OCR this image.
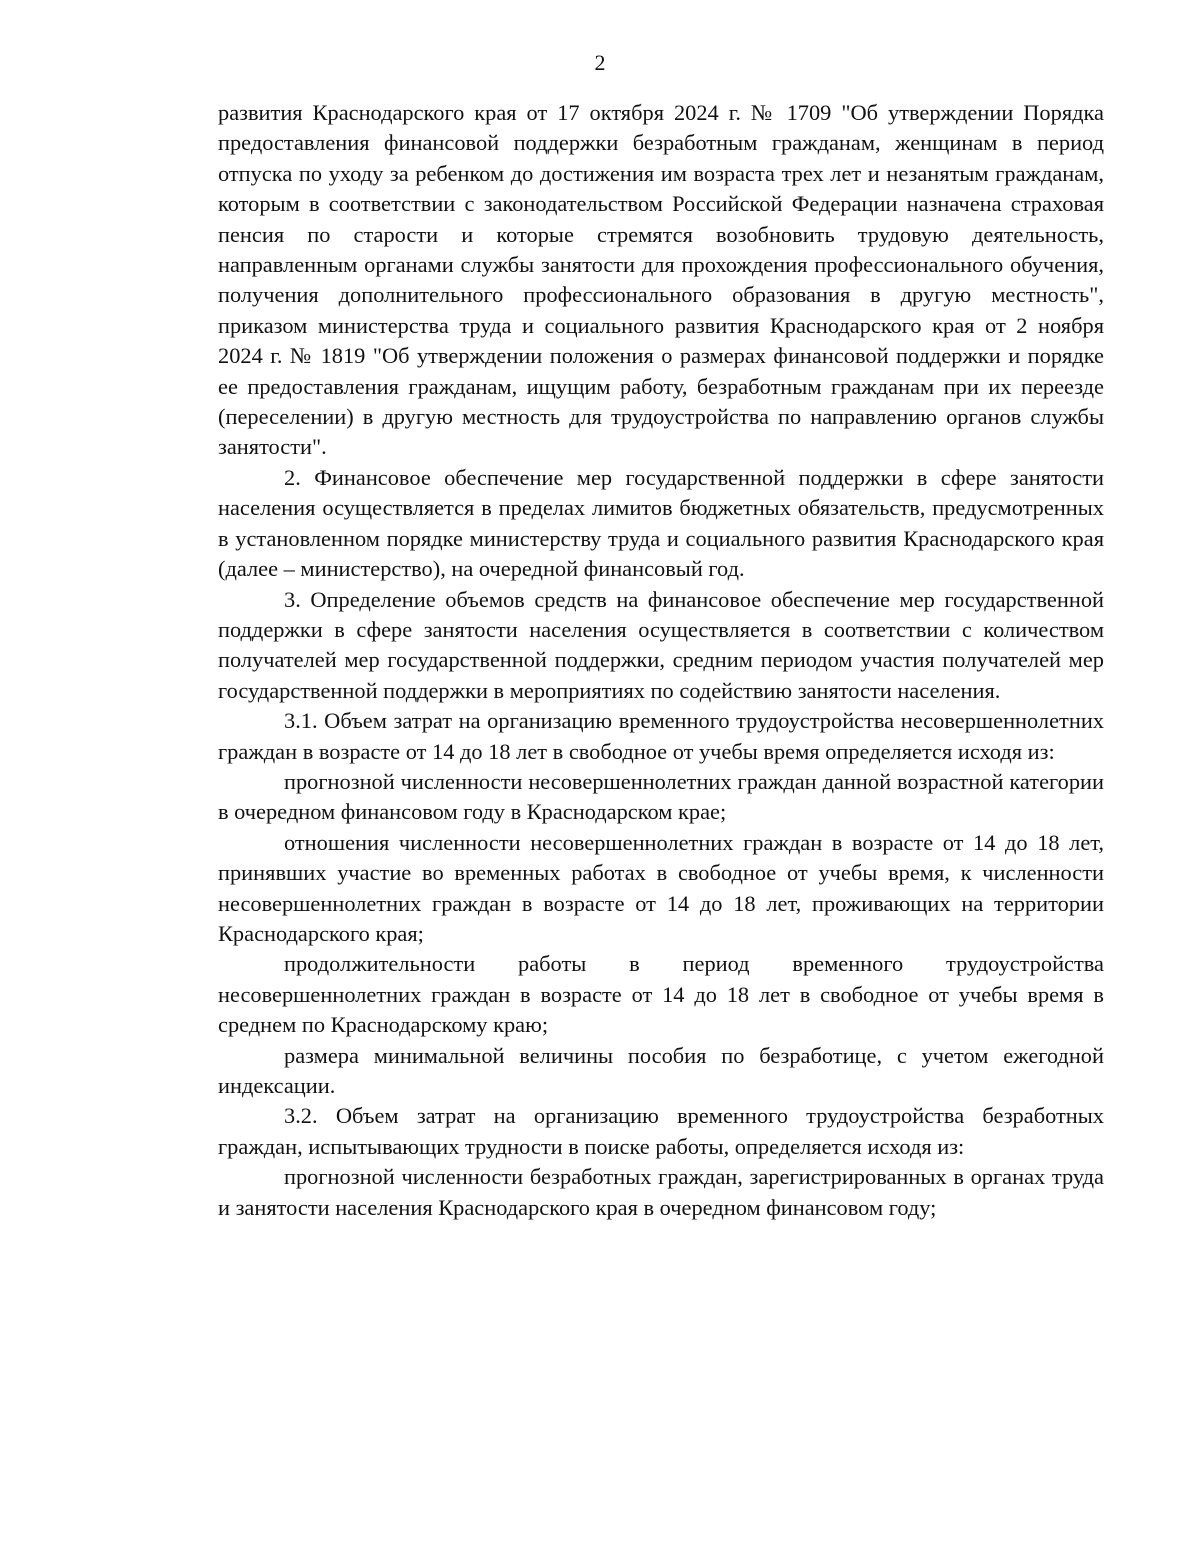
2

развития Краснодарского края от 17 октября 2024 г. № 1709 "Об утверждении Порядка предоставления финансовой поддержки безработным гражданам, женщинам в период отпуска по уходу за ребенком до достижения им возраста трех лет и незанятым гражданам, которым в соответствии с законодательством Российской Федерации назначена страховая пенсия по старости и которые стремятся возобновить трудовую деятельность, направленным органами службы занятости для прохождения профессионального обучения, получения дополнительного профессионального образования в другую местность", приказом министерства труда и социального развития Краснодарского края от 2 ноября 2024 г. № 1819 "Об утверждении положения о размерах финансовой поддержки и порядке ее предоставления гражданам, ищущим работу, безработным гражданам при их переезде (переселении) в другую местность для трудоустройства по направлению органов службы занятости".

2. Финансовое обеспечение мер государственной поддержки в сфере занятости населения осуществляется в пределах лимитов бюджетных обязательств, предусмотренных в установленном порядке министерству труда и социального развития Краснодарского края (далее – министерство), на очередной финансовый год.

3. Определение объемов средств на финансовое обеспечение мер государственной поддержки в сфере занятости населения осуществляется в соответствии с количеством получателей мер государственной поддержки, средним периодом участия получателей мер государственной поддержки в мероприятиях по содействию занятости населения.

3.1. Объем затрат на организацию временного трудоустройства несовершеннолетних граждан в возрасте от 14 до 18 лет в свободное от учебы время определяется исходя из:

прогнозной численности несовершеннолетних граждан данной возрастной категории в очередном финансовом году в Краснодарском крае;

отношения численности несовершеннолетних граждан в возрасте от 14 до 18 лет, принявших участие во временных работах в свободное от учебы время, к численности несовершеннолетних граждан в возрасте от 14 до 18 лет, проживающих на территории Краснодарского края;

продолжительности работы в период временного трудоустройства несовершеннолетних граждан в возрасте от 14 до 18 лет в свободное от учебы время в среднем по Краснодарскому краю;

размера минимальной величины пособия по безработице, с учетом ежегодной индексации.

3.2. Объем затрат на организацию временного трудоустройства безработных граждан, испытывающих трудности в поиске работы, определяется исходя из:

прогнозной численности безработных граждан, зарегистрированных в органах труда и занятости населения Краснодарского края в очередном финансовом году;
